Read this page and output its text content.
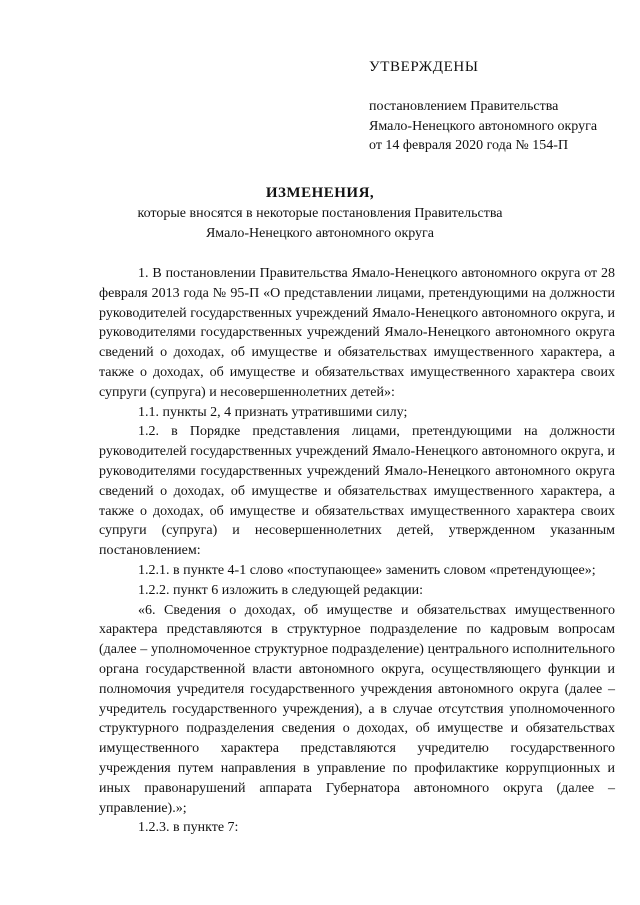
УТВЕРЖДЕНЫ
постановлением Правительства
Ямало-Ненецкого автономного округа
от 14 февраля 2020 года № 154-П
ИЗМЕНЕНИЯ,
которые вносятся в некоторые постановления Правительства
Ямало-Ненецкого автономного округа

1. В постановлении Правительства Ямало-Ненецкого автономного округа от 28 февраля 2013 года № 95-П «О представлении лицами, претендующими на должности руководителей государственных учреждений Ямало-Ненецкого автономного округа, и руководителями государственных учреждений Ямало-Ненецкого автономного округа сведений о доходах, об имуществе и обязательствах имущественного характера, а также о доходах, об имуществе и обязательствах имущественного характера своих супруги (супруга) и несовершеннолетних детей»:

1.1. пункты 2, 4 признать утратившими силу;

1.2. в Порядке представления лицами, претендующими на должности руководителей государственных учреждений Ямало-Ненецкого автономного округа, и руководителями государственных учреждений Ямало-Ненецкого автономного округа сведений о доходах, об имуществе и обязательствах имущественного характера, а также о доходах, об имуществе и обязательствах имущественного характера своих супруги (супруга) и несовершеннолетних детей, утвержденном указанным постановлением:

1.2.1. в пункте 4-1 слово «поступающее» заменить словом «претендующее»;

1.2.2. пункт 6 изложить в следующей редакции:

«6. Сведения о доходах, об имуществе и обязательствах имущественного характера представляются в структурное подразделение по кадровым вопросам (далее – уполномоченное структурное подразделение) центрального исполнительного органа государственной власти автономного округа, осуществляющего функции и полномочия учредителя государственного учреждения автономного округа (далее – учредитель государственного учреждения), а в случае отсутствия уполномоченного структурного подразделения сведения о доходах, об имуществе и обязательствах имущественного характера представляются учредителю государственного учреждения путем направления в управление по профилактике коррупционных и иных правонарушений аппарата Губернатора автономного округа (далее – управление).»;

1.2.3. в пункте 7:
